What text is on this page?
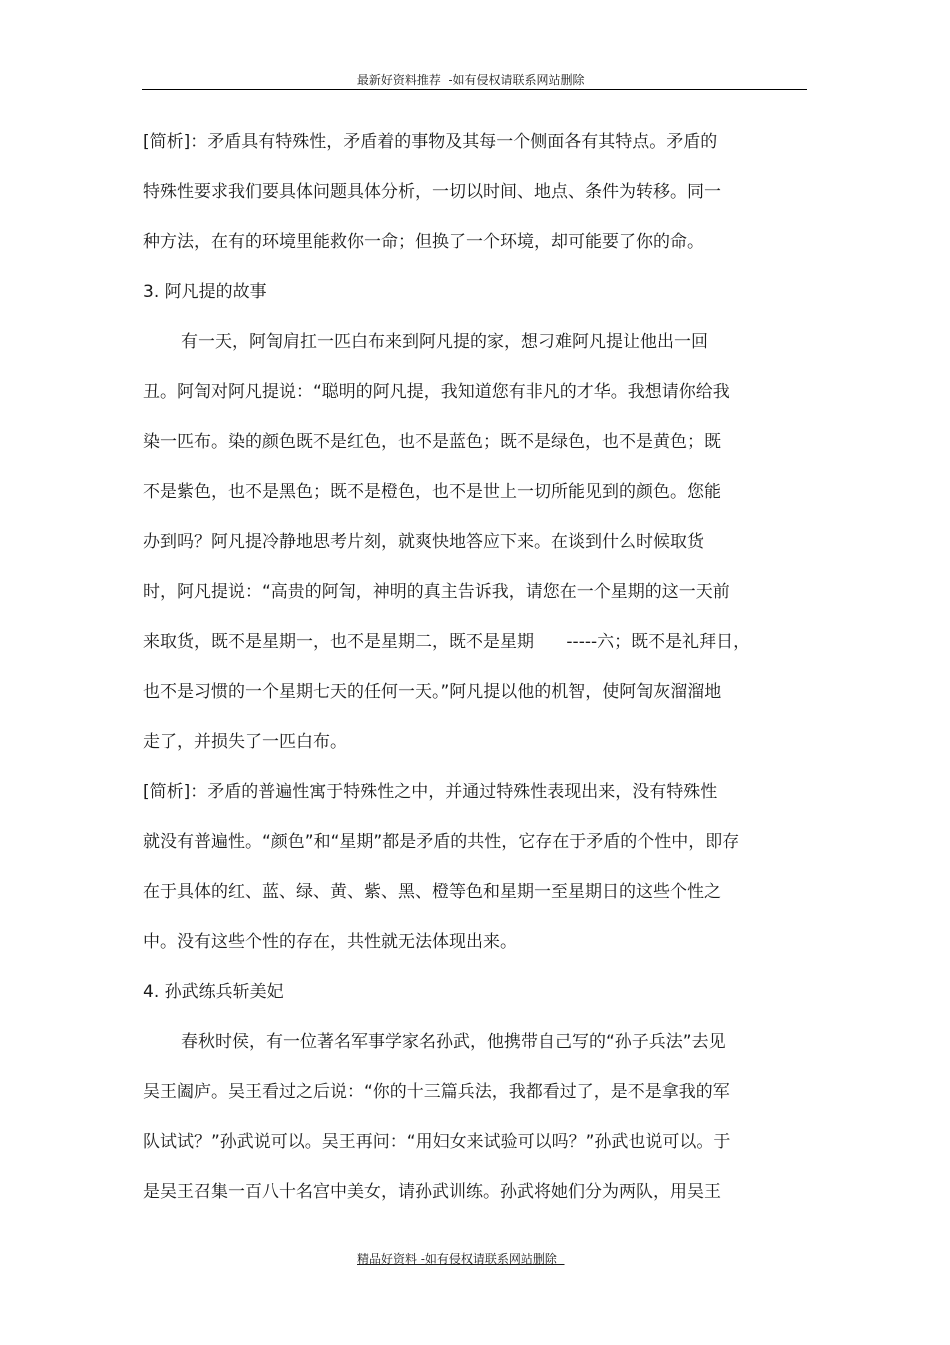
最新好资料推荐  -如有侵权请联系网站删除
[简析]：矛盾具有特殊性，矛盾着的事物及其每一个侧面各有其特点。矛盾的
特殊性要求我们要具体问题具体分析，一切以时间、地点、条件为转移。同一
种方法，在有的环境里能救你一命；但换了一个环境，却可能要了你的命。
3. 阿凡提的故事
有一天，阿訇肩扛一匹白布来到阿凡提的家，想刁难阿凡提让他出一回
丑。阿訇对阿凡提说：“聪明的阿凡提，我知道您有非凡的才华。我想请你给我
染一匹布。染的颜色既不是红色，也不是蓝色；既不是绿色，也不是黄色；既
不是紫色，也不是黑色；既不是橙色，也不是世上一切所能见到的颜色。您能
办到吗？阿凡提冷静地思考片刻，就爽快地答应下来。在谈到什么时候取货
时，阿凡提说：“高贵的阿訇，神明的真主告诉我，请您在一个星期的这一天前
来取货，既不是星期一，也不是星期二，既不是星期      -----六；既不是礼拜日，
也不是习惯的一个星期七天的任何一天。”阿凡提以他的机智，使阿訇灰溜溜地
走了，并损失了一匹白布。
[简析]：矛盾的普遍性寓于特殊性之中，并通过特殊性表现出来，没有特殊性
就没有普遍性。“颜色”和“星期”都是矛盾的共性，它存在于矛盾的个性中，即存
在于具体的红、蓝、绿、黄、紫、黑、橙等色和星期一至星期日的这些个性之
中。没有这些个性的存在，共性就无法体现出来。
4. 孙武练兵斩美妃
春秋时侯，有一位著名军事学家名孙武，他携带自己写的“孙子兵法”去见
吴王阖庐。吴王看过之后说：“你的十三篇兵法，我都看过了，是不是拿我的军
队试试？”孙武说可以。吴王再问：“用妇女来试验可以吗？”孙武也说可以。于
是吴王召集一百八十名宫中美女，请孙武训练。孙武将她们分为两队，用吴王
精品好资料 -如有侵权请联系网站删除
